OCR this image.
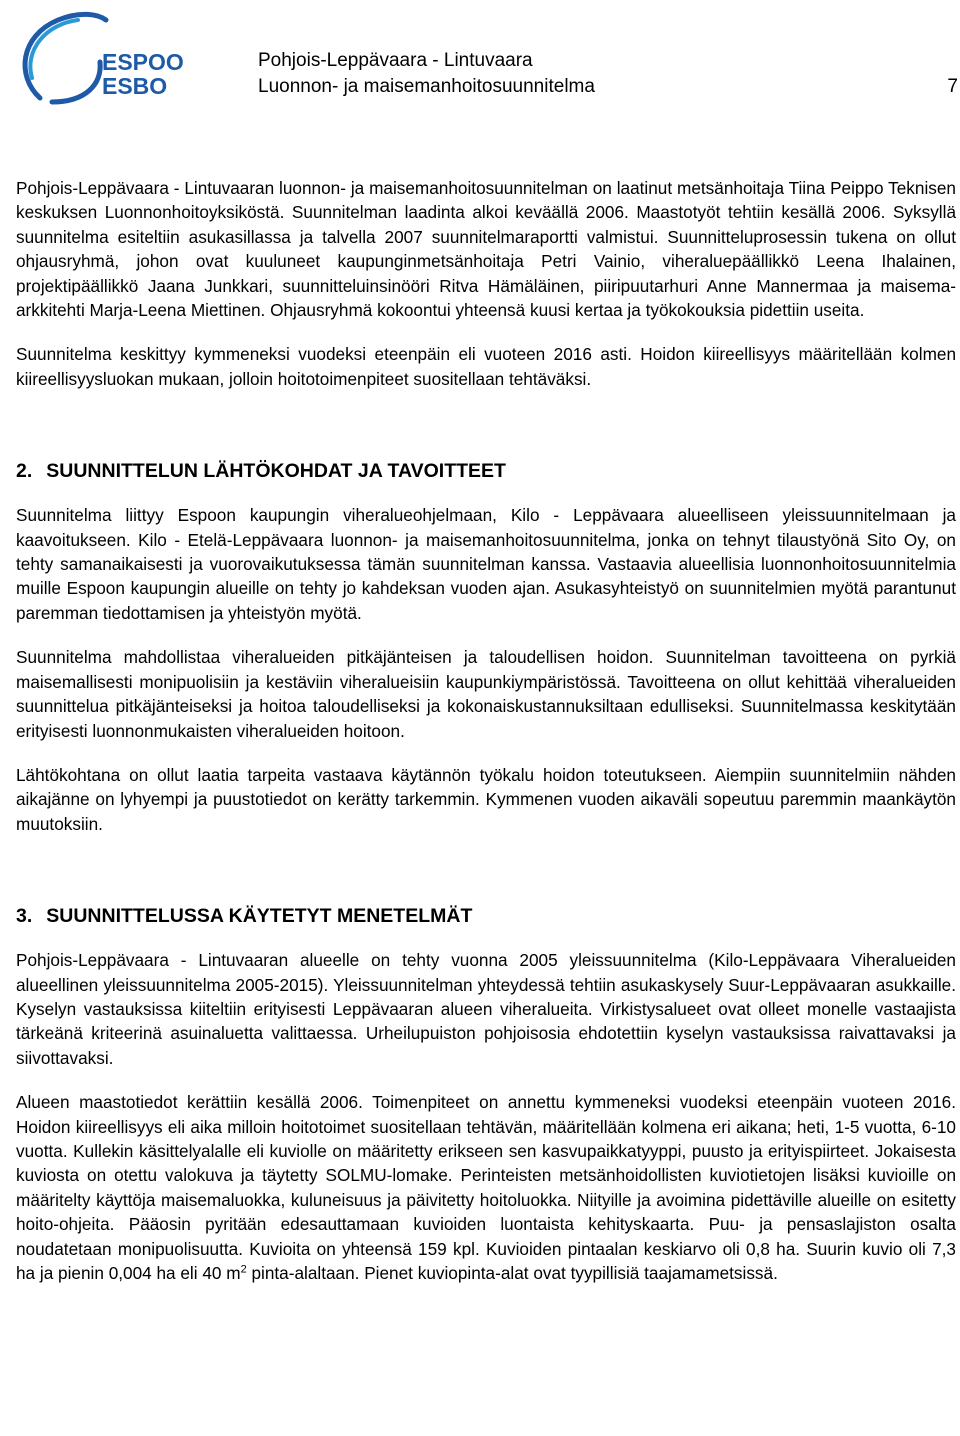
ESPOO
ESBO
Pohjois-Leppävaara - Lintuvaara
Luonnon- ja maisemanhoitosuunnitelma	7

Pohjois-Leppävaara - Lintuvaaran luonnon- ja maisemanhoitosuunnitelman on laatinut metsänhoitaja Tiina Peippo Teknisen keskuksen Luonnonhoitoyksiköstä. Suunnitelman laadinta alkoi keväällä 2006. Maastotyöt tehtiin kesällä 2006. Syksyllä suunnitelma esiteltiin asukasillassa ja talvella 2007 suunnitelmaraportti valmistui. Suunnitteluprosessin tukena on ollut ohjausryhmä, johon ovat kuuluneet kaupunginmetsänhoitaja Petri Vainio, viheraluepäällikkö Leena Ihalainen, projektipäällikkö Jaana Junkkari, suunnitteluinsinööri Ritva Hämäläinen, piiripuutarhuri Anne Mannermaa ja maisema-arkkitehti Marja-Leena Miettinen. Ohjausryhmä kokoontui yhteensä kuusi kertaa ja työkokouksia pidettiin useita.

Suunnitelma keskittyy kymmeneksi vuodeksi eteenpäin eli vuoteen 2016 asti. Hoidon kiireellisyys määritellään kolmen kiireellisyysluokan mukaan, jolloin hoitotoimenpiteet suositellaan tehtäväksi.

2. SUUNNITTELUN LÄHTÖKOHDAT JA TAVOITTEET

Suunnitelma liittyy Espoon kaupungin viheralueohjelmaan, Kilo - Leppävaara alueelliseen yleissuunnitelmaan ja kaavoitukseen. Kilo - Etelä-Leppävaara luonnon- ja maisemanhoitosuunnitelma, jonka on tehnyt tilaustyönä Sito Oy, on tehty samanaikaisesti ja vuorovaikutuksessa tämän suunnitelman kanssa. Vastaavia alueellisia luonnonhoitosuunnitelmia muille Espoon kaupungin alueille on tehty jo kahdeksan vuoden ajan. Asukasyhteistyö on suunnitelmien myötä parantunut paremman tiedottamisen ja yhteistyön myötä.

Suunnitelma mahdollistaa viheralueiden pitkäjänteisen ja taloudellisen hoidon. Suunnitelman tavoitteena on pyrkiä maisemallisesti monipuolisiin ja kestäviin viheralueisiin kaupunkiympäristössä. Tavoitteena on ollut kehittää viheralueiden suunnittelua pitkäjänteiseksi ja hoitoa taloudelliseksi ja kokonaiskustannuksiltaan edulliseksi. Suunnitelmassa keskitytään erityisesti luonnonmukaisten viheralueiden hoitoon.

Lähtökohtana on ollut laatia tarpeita vastaava käytännön työkalu hoidon toteutukseen. Aiempiin suunnitelmiin nähden aikajänne on lyhyempi ja puustotiedot on kerätty tarkemmin. Kymmenen vuoden aikaväli sopeutuu paremmin maankäytön muutoksiin.

3. SUUNNITTELUSSA KÄYTETYT MENETELMÄT

Pohjois-Leppävaara - Lintuvaaran alueelle on tehty vuonna 2005 yleissuunnitelma (Kilo-Leppävaara Viheralueiden alueellinen yleissuunnitelma 2005-2015). Yleissuunnitelman yhteydessä tehtiin asukaskysely Suur-Leppävaaran asukkaille. Kyselyn vastauksissa kiiteltiin erityisesti Leppävaaran alueen viheralueita. Virkistysalueet ovat olleet monelle vastaajista tärkeänä kriteerinä asuinaluetta valittaessa. Urheilupuiston pohjoisosia ehdotettiin kyselyn vastauksissa raivattavaksi ja siivottavaksi.

Alueen maastotiedot kerättiin kesällä 2006. Toimenpiteet on annettu kymmeneksi vuodeksi eteenpäin vuoteen 2016. Hoidon kiireellisyys eli aika milloin hoitotoimet suositellaan tehtävän, määritellään kolmena eri aikana; heti, 1-5 vuotta, 6-10 vuotta. Kullekin käsittelyalalle eli kuviolle on määritetty erikseen sen kasvupaikkatyyppi, puusto ja erityispiirteet. Jokaisesta kuviosta on otettu valokuva ja täytetty SOLMU-lomake. Perinteisten metsänhoidollisten kuviotietojen lisäksi kuvioille on määritelty käyttöja maisemaluokka, kuluneisuus ja päivitetty hoitoluokka. Niityille ja avoimina pidettäville alueille on esitetty hoito-ohjeita. Pääosin pyritään edesauttamaan kuvioiden luontaista kehityskaarta. Puu- ja pensaslajiston osalta noudatetaan monipuolisuutta. Kuvioita on yhteensä 159 kpl. Kuvioiden pintaalan keskiarvo oli 0,8 ha. Suurin kuvio oli 7,3 ha ja pienin 0,004 ha eli 40 $m^2$ pinta-alaltaan. Pienet kuviopinta-alat ovat tyypillisiä taajamametsissä.
